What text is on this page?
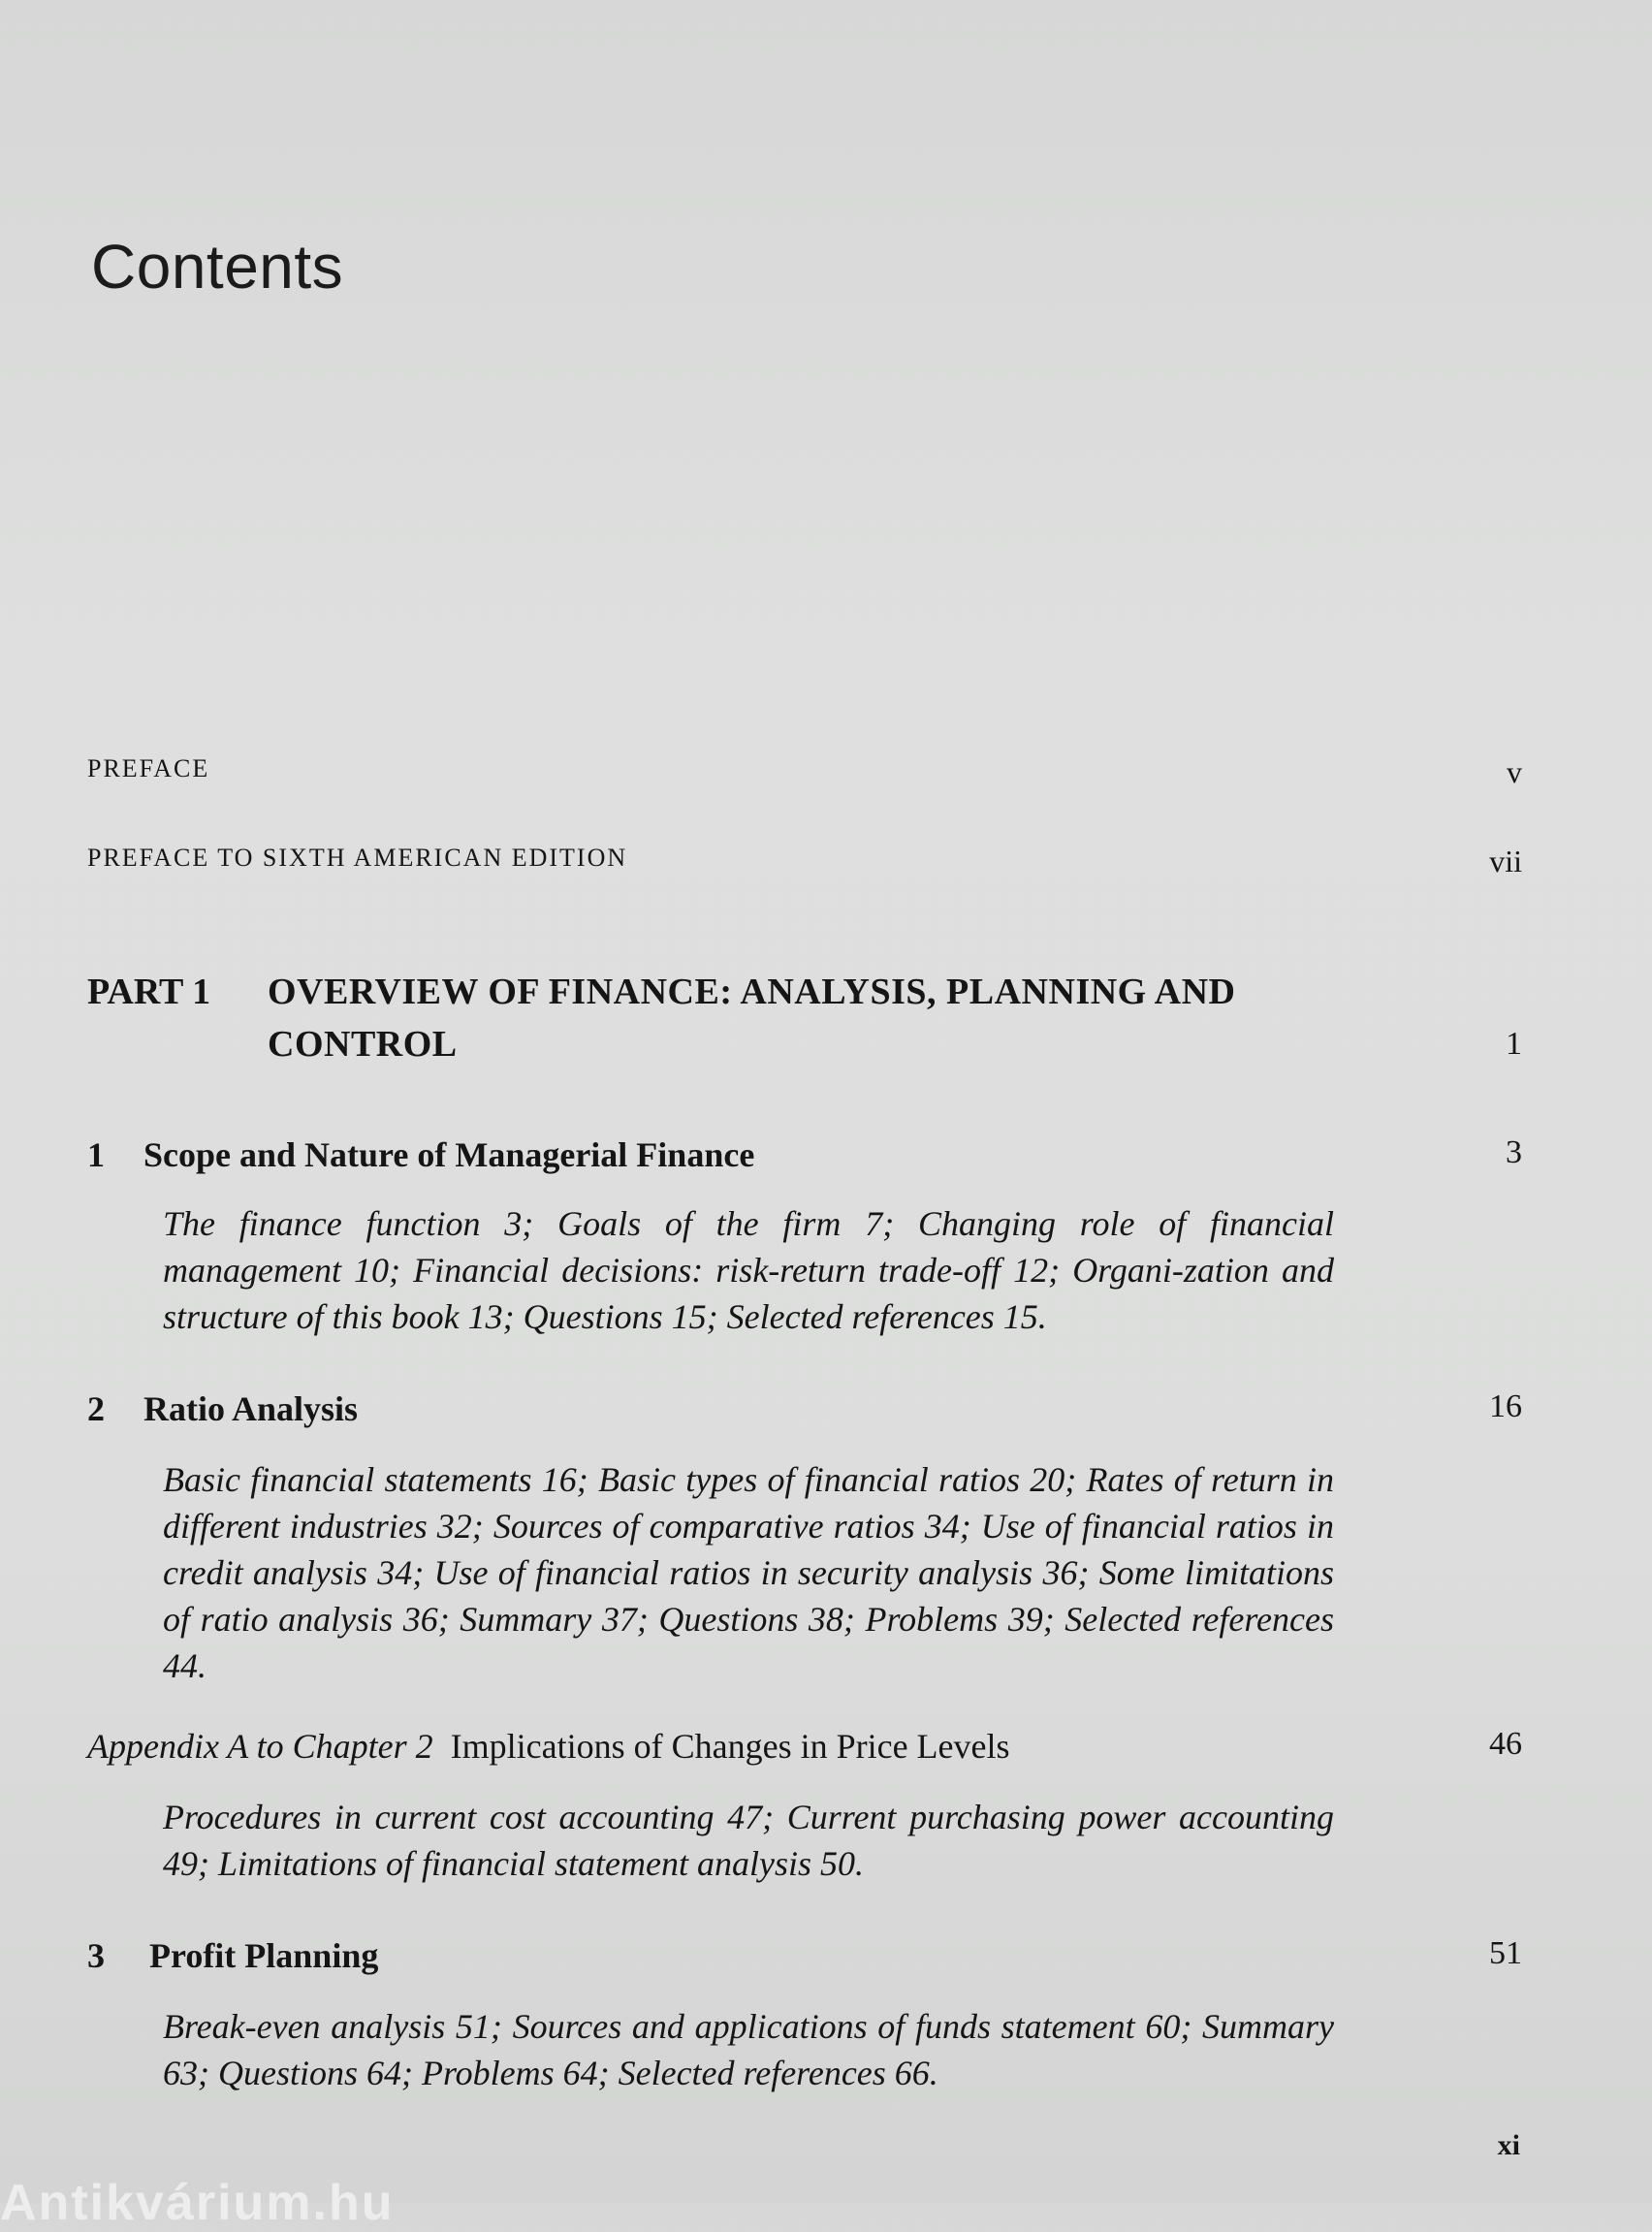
Contents
PREFACE	v
PREFACE TO SIXTH AMERICAN EDITION	vii
PART 1 OVERVIEW OF FINANCE: ANALYSIS, PLANNING AND CONTROL	1
1 Scope and Nature of Managerial Finance	3
The finance function 3; Goals of the firm 7; Changing role of financial management 10; Financial decisions: risk-return trade-off 12; Organi-zation and structure of this book 13; Questions 15; Selected references 15.
2 Ratio Analysis	16
Basic financial statements 16; Basic types of financial ratios 20; Rates of return in different industries 32; Sources of comparative ratios 34; Use of financial ratios in credit analysis 34; Use of financial ratios in security analysis 36; Some limitations of ratio analysis 36; Summary 37; Questions 38; Problems 39; Selected references 44.
Appendix A to Chapter 2 Implications of Changes in Price Levels	46
Procedures in current cost accounting 47; Current purchasing power accounting 49; Limitations of financial statement analysis 50.
3 Profit Planning	51
Break-even analysis 51; Sources and applications of funds statement 60; Summary 63; Questions 64; Problems 64; Selected references 66.
xi
Antikvárium.hu
